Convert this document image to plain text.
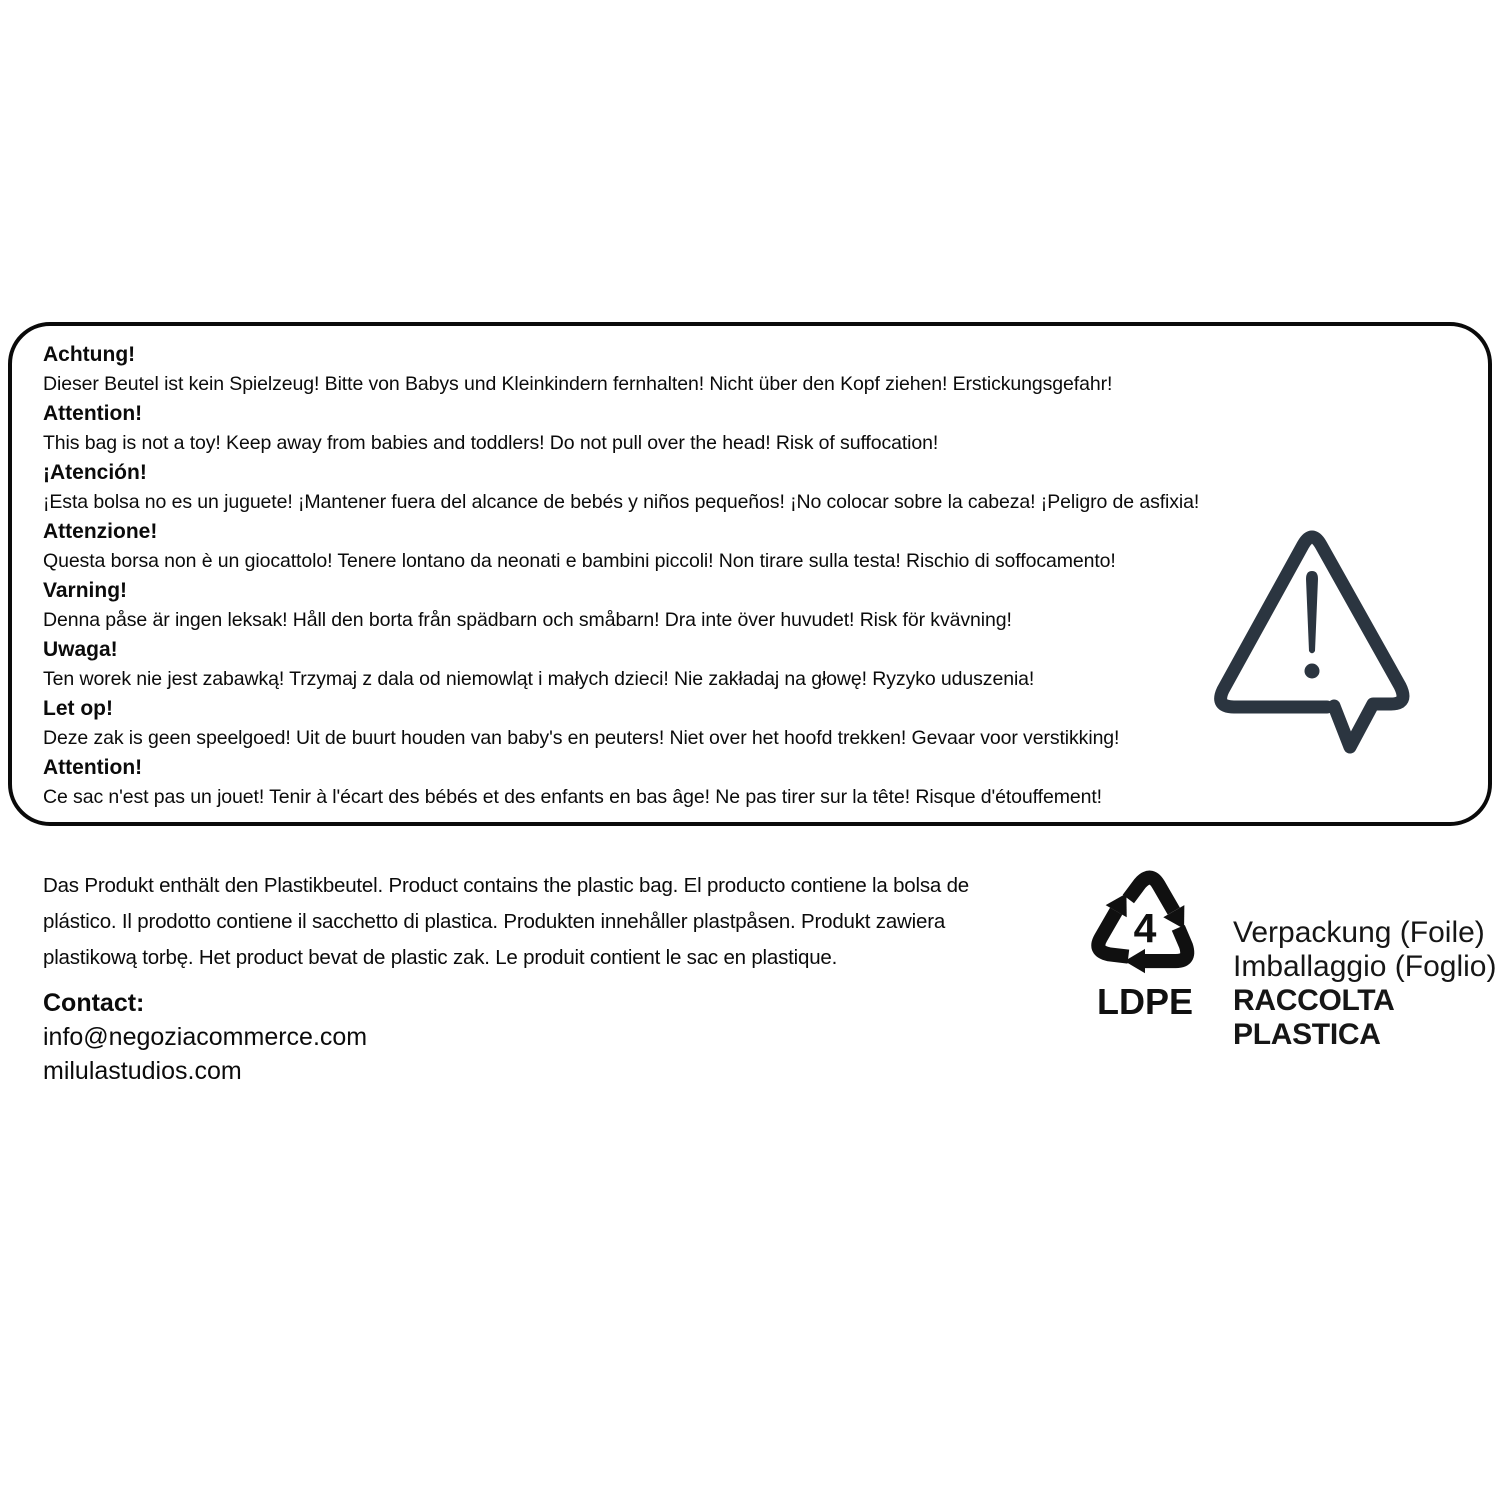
Achtung!
Dieser Beutel ist kein Spielzeug! Bitte von Babys und Kleinkindern fernhalten! Nicht über den Kopf ziehen! Erstickungsgefahr!
Attention!
This bag is not a toy! Keep away from babies and toddlers! Do not pull over the head! Risk of suffocation!
¡Atención!
¡Esta bolsa no es un juguete! ¡Mantener fuera del alcance de bebés y niños pequeños! ¡No colocar sobre la cabeza! ¡Peligro de asfixia!
Attenzione!
Questa borsa non è un giocattolo! Tenere lontano da neonati e bambini piccoli! Non tirare sulla testa! Rischio di soffocamento!
Varning!
Denna påse är ingen leksak! Håll den borta från spädbarn och småbarn! Dra inte över huvudet! Risk för kvävning!
Uwaga!
Ten worek nie jest zabawką! Trzymaj z dala od niemowląt i małych dzieci! Nie zakładaj na głowę! Ryzyko uduszenia!
Let op!
Deze zak is geen speelgoed! Uit de buurt houden van baby's en peuters! Niet over het hoofd trekken! Gevaar voor verstikking!
Attention!
Ce sac n'est pas un jouet! Tenir à l'écart des bébés et des enfants en bas âge! Ne pas tirer sur la tête! Risque d'étouffement!
Das Produkt enthält den Plastikbeutel. Product contains the plastic bag. El producto contiene la bolsa de
plástico. Il prodotto contiene il sacchetto di plastica. Produkten innehåller plastpåsen. Produkt zawiera
plastikową torbę. Het product bevat de plastic zak. Le produit contient le sac en plastique.
Contact:
info@negoziacommerce.com
milulastudios.com
4
LDPE
Verpackung (Foile)
Imballaggio (Foglio)
RACCOLTA PLASTICA
